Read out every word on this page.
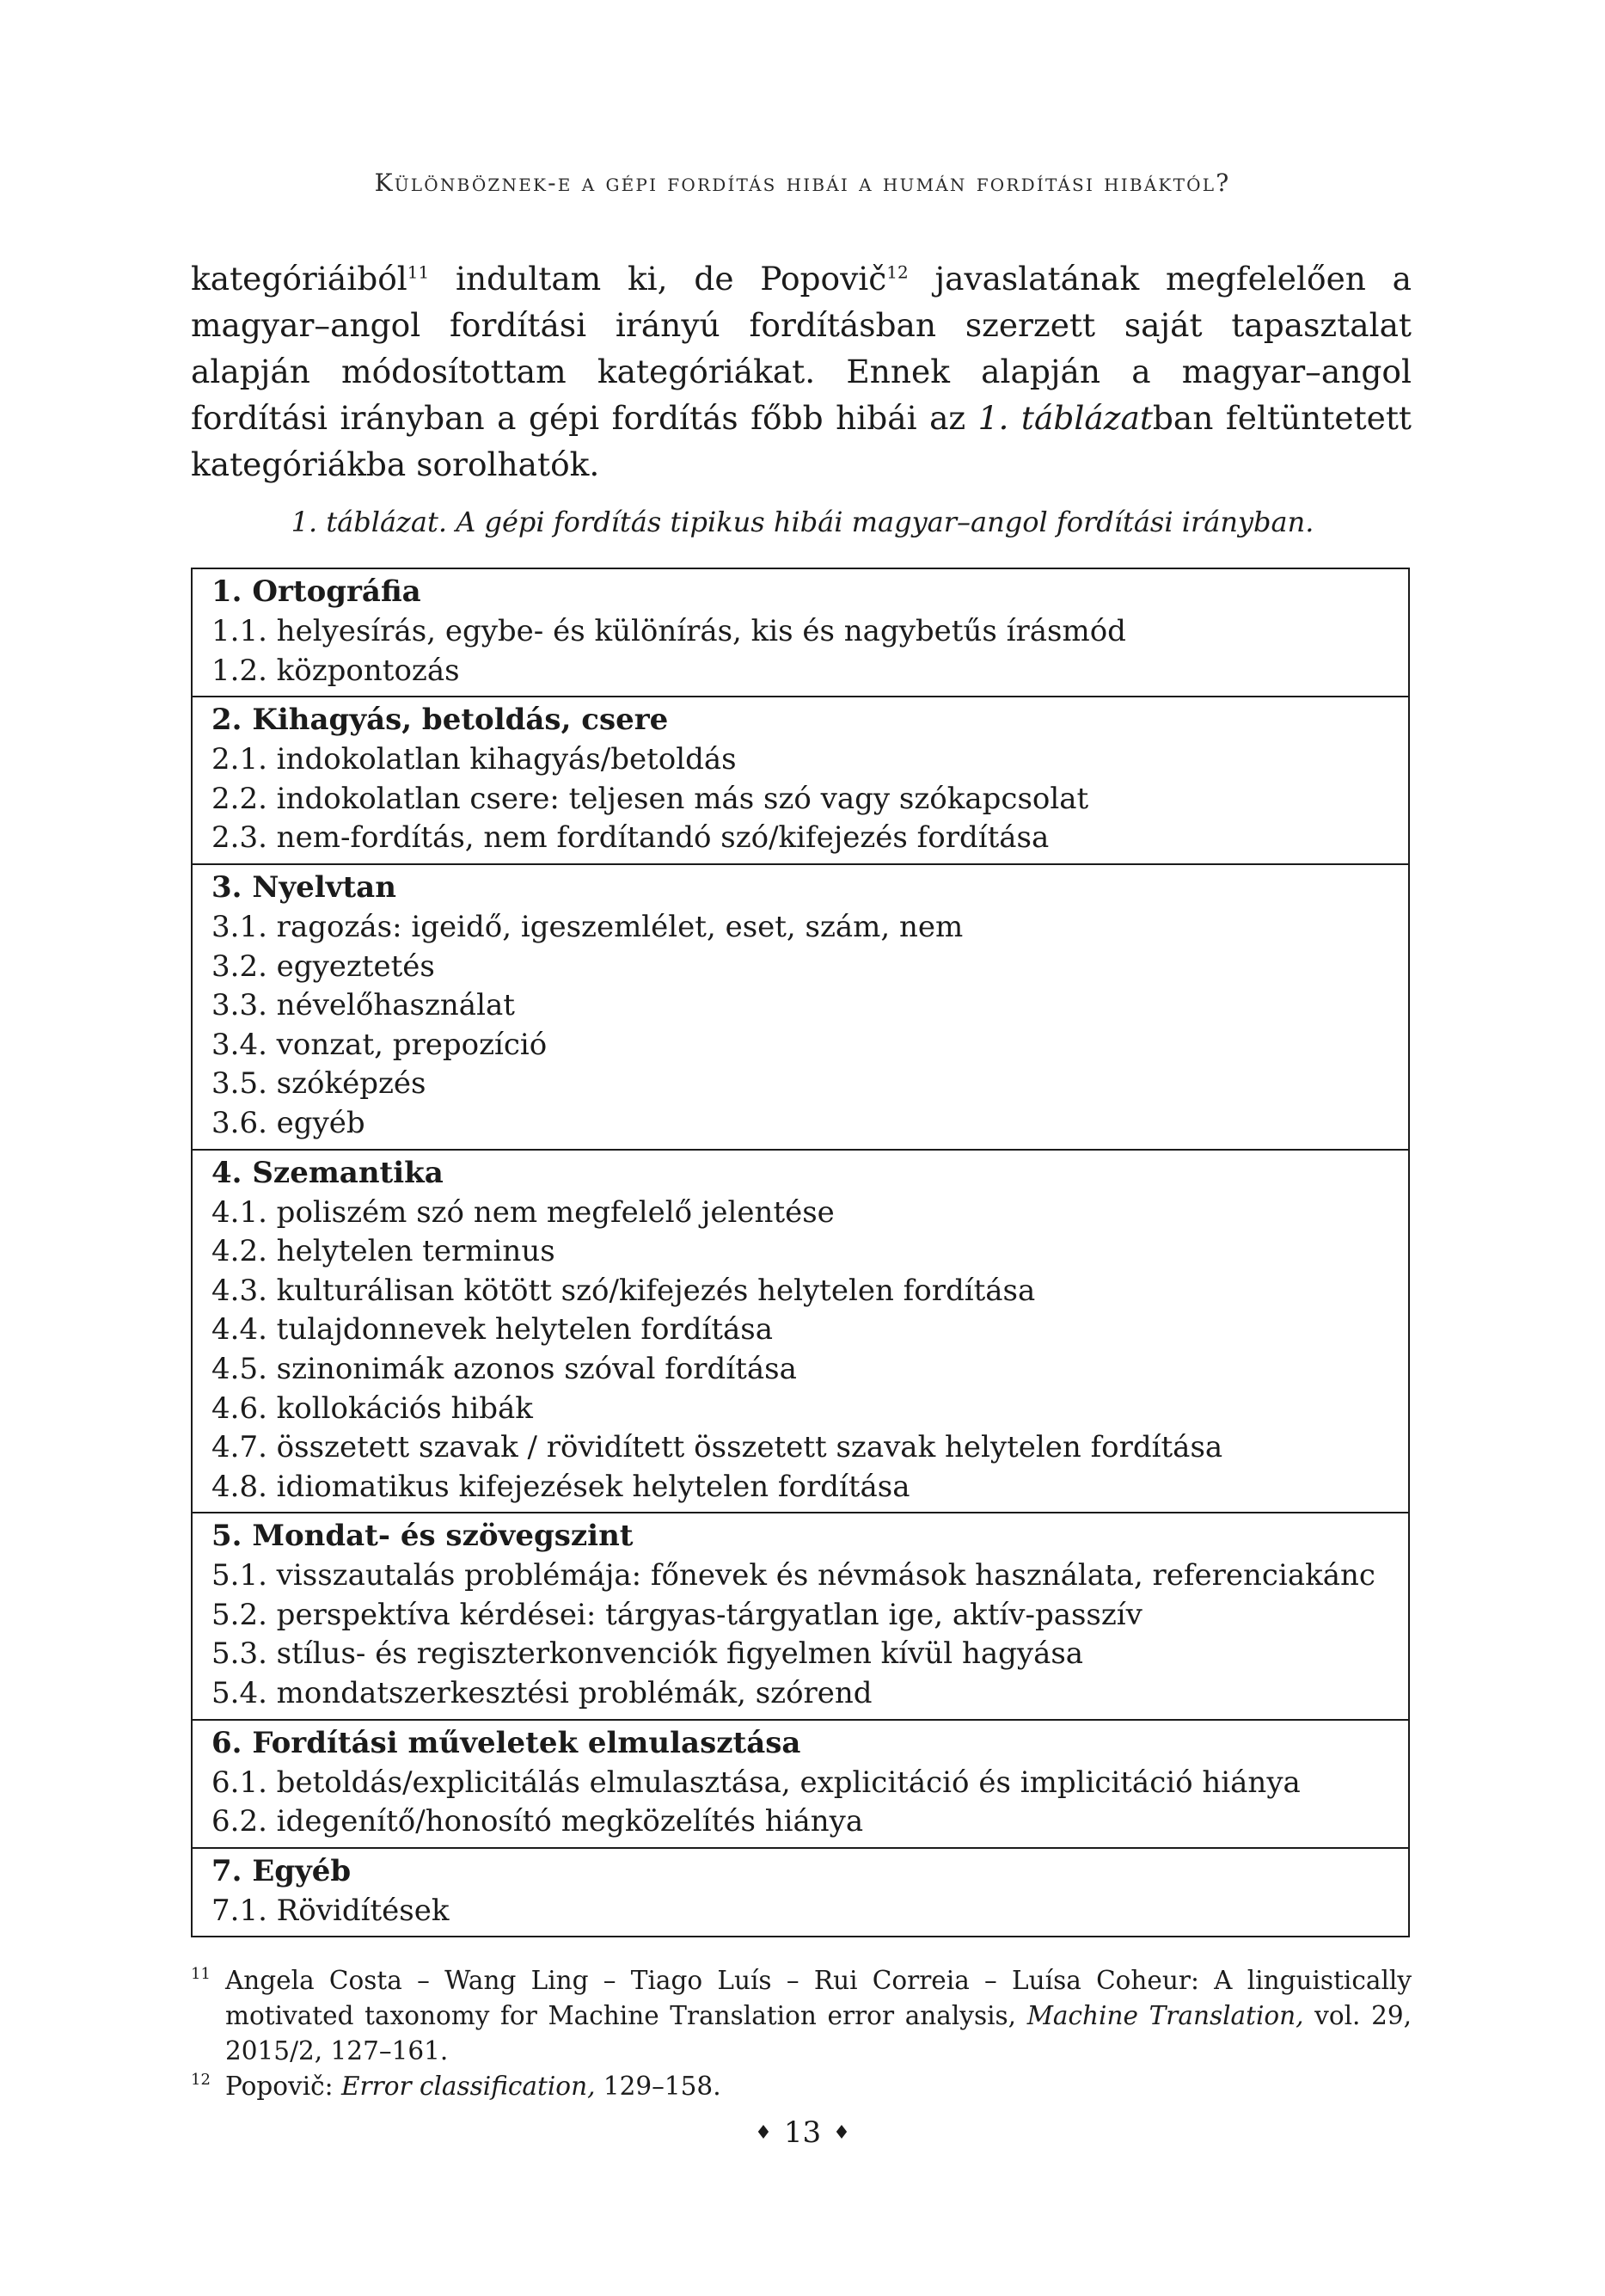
Különböznek-e a gépi fordítás hibái a humán fordítási hibáktól?
kategóriáiból$^{11}$ indultam ki, de Popovič$^{12}$ javaslatának megfelelően a magyar–angol fordítási irányú fordításban szerzett saját tapasztalat alapján módosítottam kategóriákat. Ennek alapján a magyar–angol fordítási irányban a gépi fordítás főbb hibái az 1. táblázatban feltüntetett kategóriákba sorolhatók.
1. táblázat. A gépi fordítás tipikus hibái magyar–angol fordítási irányban.
1. Ortográfia
1.1. helyesírás, egybe- és különírás, kis és nagybetűs írásmód
1.2. központozás

2. Kihagyás, betoldás, csere
2.1. indokolatlan kihagyás/betoldás
2.2. indokolatlan csere: teljesen más szó vagy szókapcsolat
2.3. nem-fordítás, nem fordítandó szó/kifejezés fordítása

3. Nyelvtan
3.1. ragozás: igeidő, igeszemlélet, eset, szám, nem
3.2. egyeztetés
3.3. névelőhasználat
3.4. vonzat, prepozíció
3.5. szóképzés
3.6. egyéb

4. Szemantika
4.1. poliszém szó nem megfelelő jelentése
4.2. helytelen terminus
4.3. kulturálisan kötött szó/kifejezés helytelen fordítása
4.4. tulajdonnevek helytelen fordítása
4.5. szinonimák azonos szóval fordítása
4.6. kollokációs hibák
4.7. összetett szavak / rövidített összetett szavak helytelen fordítása
4.8. idiomatikus kifejezések helytelen fordítása

5. Mondat- és szövegszint
5.1. visszautalás problémája: főnevek és névmások használata, referenciakánc
5.2. perspektíva kérdései: tárgyas-tárgyatlan ige, aktív-passzív
5.3. stílus- és regiszterkonvenciók figyelmen kívül hagyása
5.4. mondatszerkesztési problémák, szórend

6. Fordítási műveletek elmulasztása
6.1. betoldás/explicitálás elmulasztása, explicitáció és implicitáció hiánya
6.2. idegenítő/honosító megközelítés hiánya

7. Egyéb
7.1. Rövidítések
11 Angela Costa – Wang Ling – Tiago Luís – Rui Correia – Luísa Coheur: A linguistically motivated taxonomy for Machine Translation error analysis, Machine Translation, vol. 29, 2015/2, 127–161.
12 Popovič: Error classification, 129–158.
♦ 13 ♦
